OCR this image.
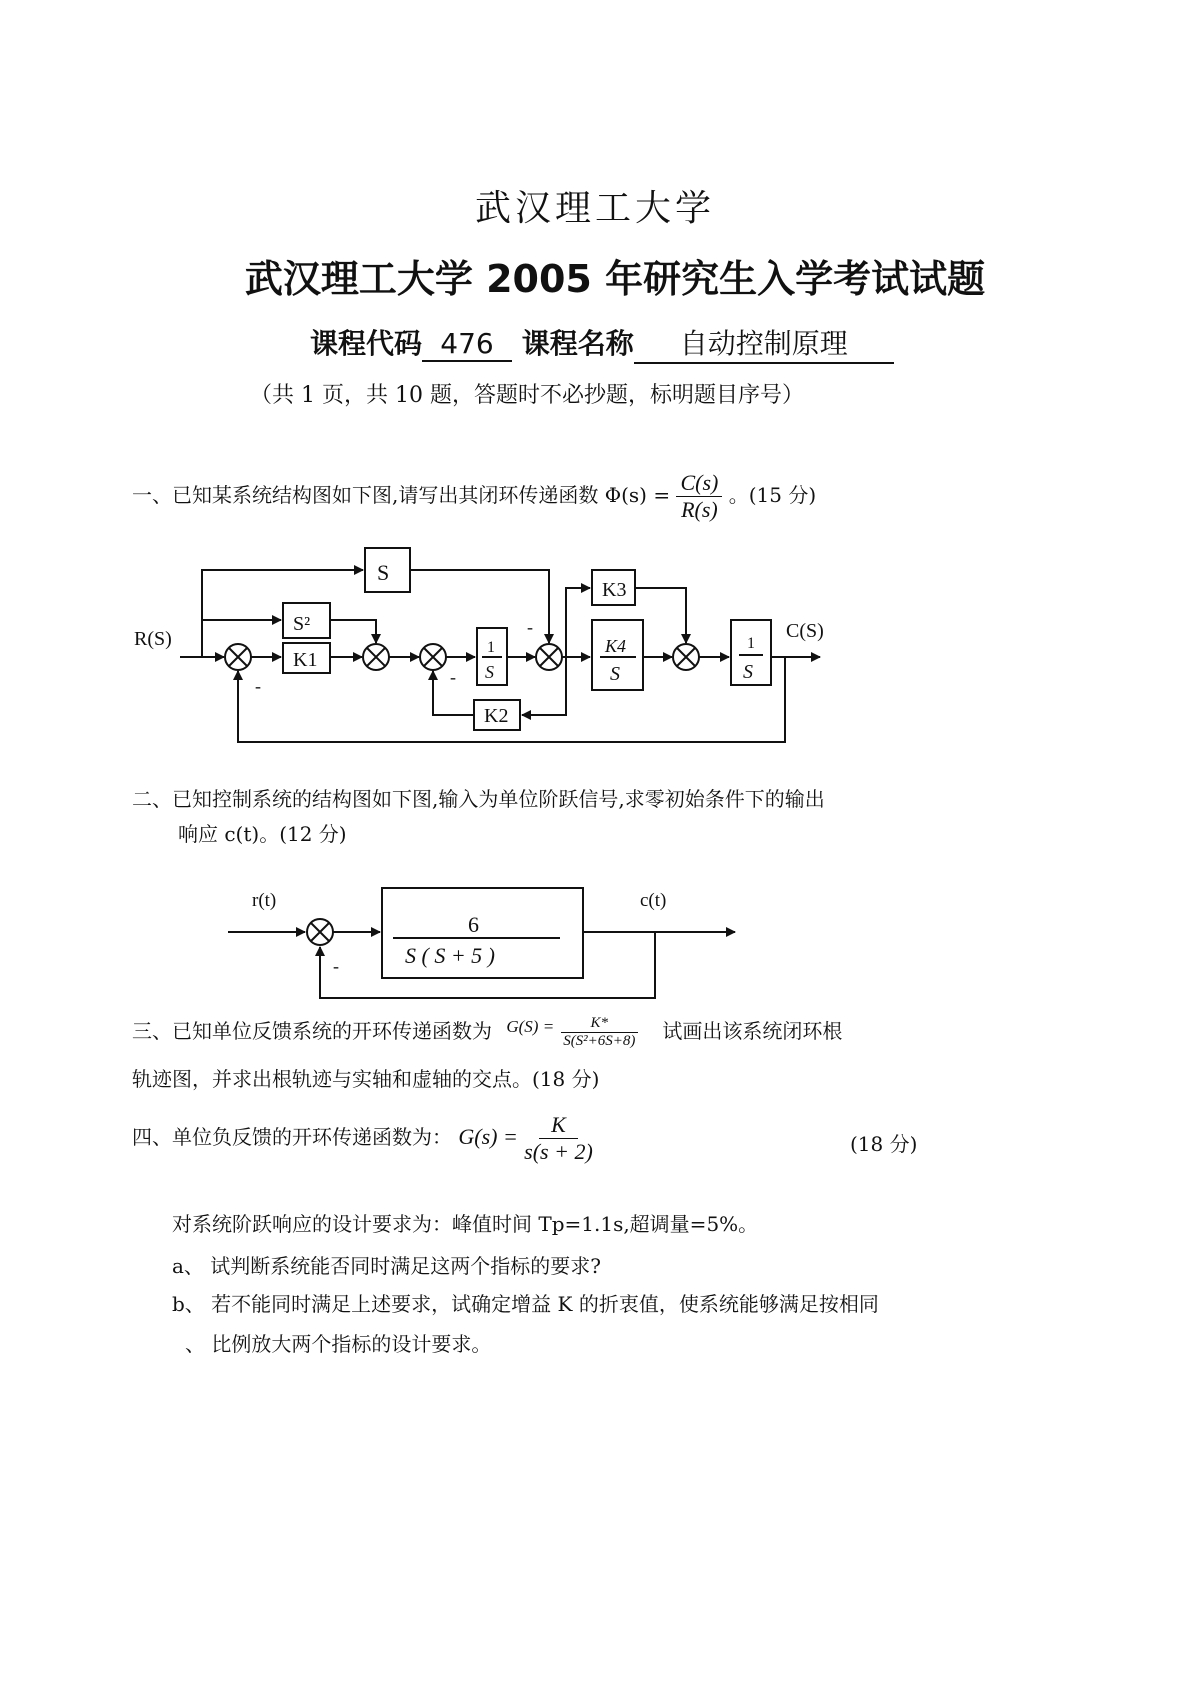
武汉理工大学
武汉理工大学 2005 年研究生入学考试试题
课程代码 476 课程名称 自动控制原理
（共 1 页，共 10 题，答题时不必抄题，标明题目序号）
一、已知某系统结构图如下图,请写出其闭环传递函数 $\Phi(s) = \frac{C(s)}{R(s)}$ 。(15 分)
R(S)	C(S)
S
S²
K1
1
S
K3
K4
S
K2
1
S
-	-
-
r(t)	c(t)
6
S ( S + 5 )
-
二、已知控制系统的结构图如下图,输入为单位阶跃信号,求零初始条件下的输出
响应 c(t)。(12 分)
三、已知单位反馈系统的开环传递函数为 $^{G(S) =} \frac{K*}{\text{S(S²+6S+8)}}$ 试画出该系统闭环根
轨迹图，并求出根轨迹与实轴和虚轴的交点。(18 分)
四、单位负反馈的开环传递函数为： $G(s) = \frac{K}{s(s + 2)}$	(18 分)
对系统阶跃响应的设计要求为：峰值时间 Tp=1.1s,超调量=5%。
a、 试判断系统能否同时满足这两个指标的要求?
b、 若不能同时满足上述要求，试确定增益 K 的折衷值，使系统能够满足按相同
、 比例放大两个指标的设计要求。
